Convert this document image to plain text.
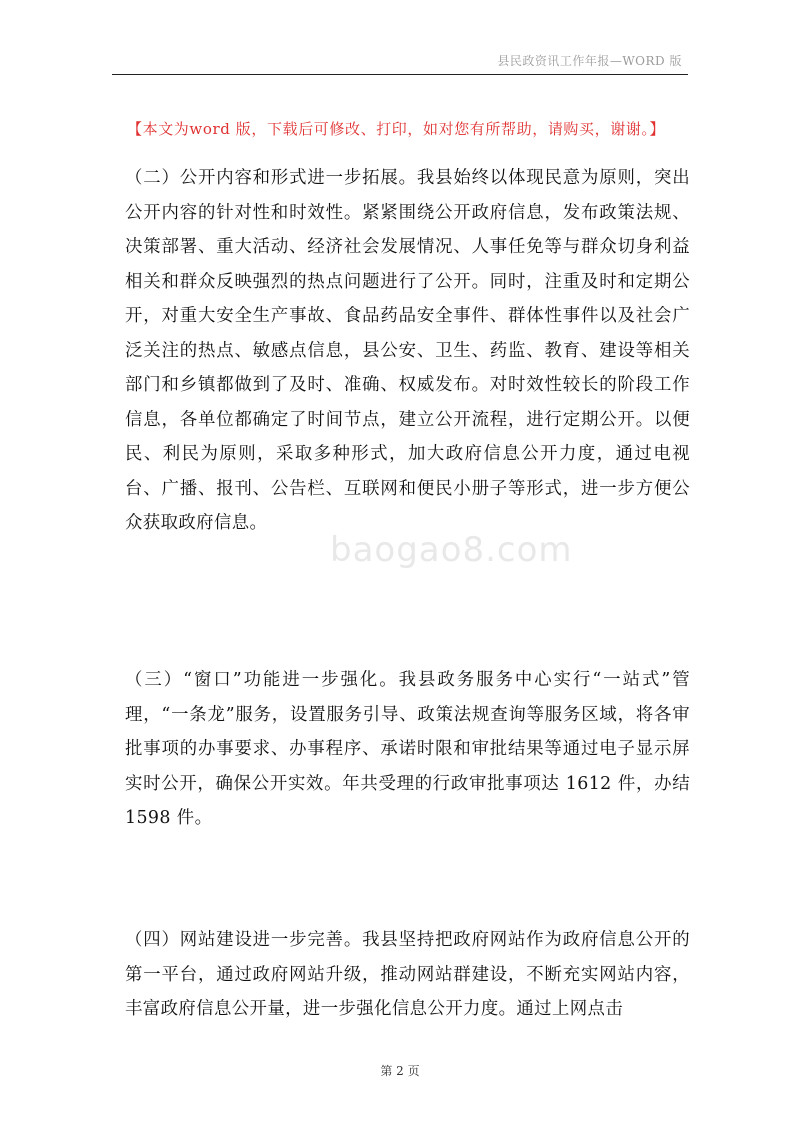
县民政资讯工作年报—WORD 版
【本文为word 版，下载后可修改、打印，如对您有所帮助，请购买，谢谢。】
baogao8.com

（二）公开内容和形式进一步拓展。我县始终以体现民意为原则，突出公开内容的针对性和时效性。紧紧围绕公开政府信息，发布政策法规、决策部署、重大活动、经济社会发展情况、人事任免等与群众切身利益相关和群众反映强烈的热点问题进行了公开。同时，注重及时和定期公开，对重大安全生产事故、食品药品安全事件、群体性事件以及社会广泛关注的热点、敏感点信息，县公安、卫生、药监、教育、建设等相关部门和乡镇都做到了及时、准确、权威发布。对时效性较长的阶段工作信息，各单位都确定了时间节点，建立公开流程，进行定期公开。以便民、利民为原则，采取多种形式，加大政府信息公开力度，通过电视台、广播、报刊、公告栏、互联网和便民小册子等形式，进一步方便公众获取政府信息。

（三）“窗口”功能进一步强化。我县政务服务中心实行“一站式”管理，“一条龙”服务，设置服务引导、政策法规查询等服务区域，将各审批事项的办事要求、办事程序、承诺时限和审批结果等通过电子显示屏实时公开，确保公开实效。年共受理的行政审批事项达 1612 件，办结 1598 件。

（四）网站建设进一步完善。我县坚持把政府网站作为政府信息公开的第一平台，通过政府网站升级，推动网站群建设，不断充实网站内容，丰富政府信息公开量，进一步强化信息公开力度。通过上网点击

第 2 页
